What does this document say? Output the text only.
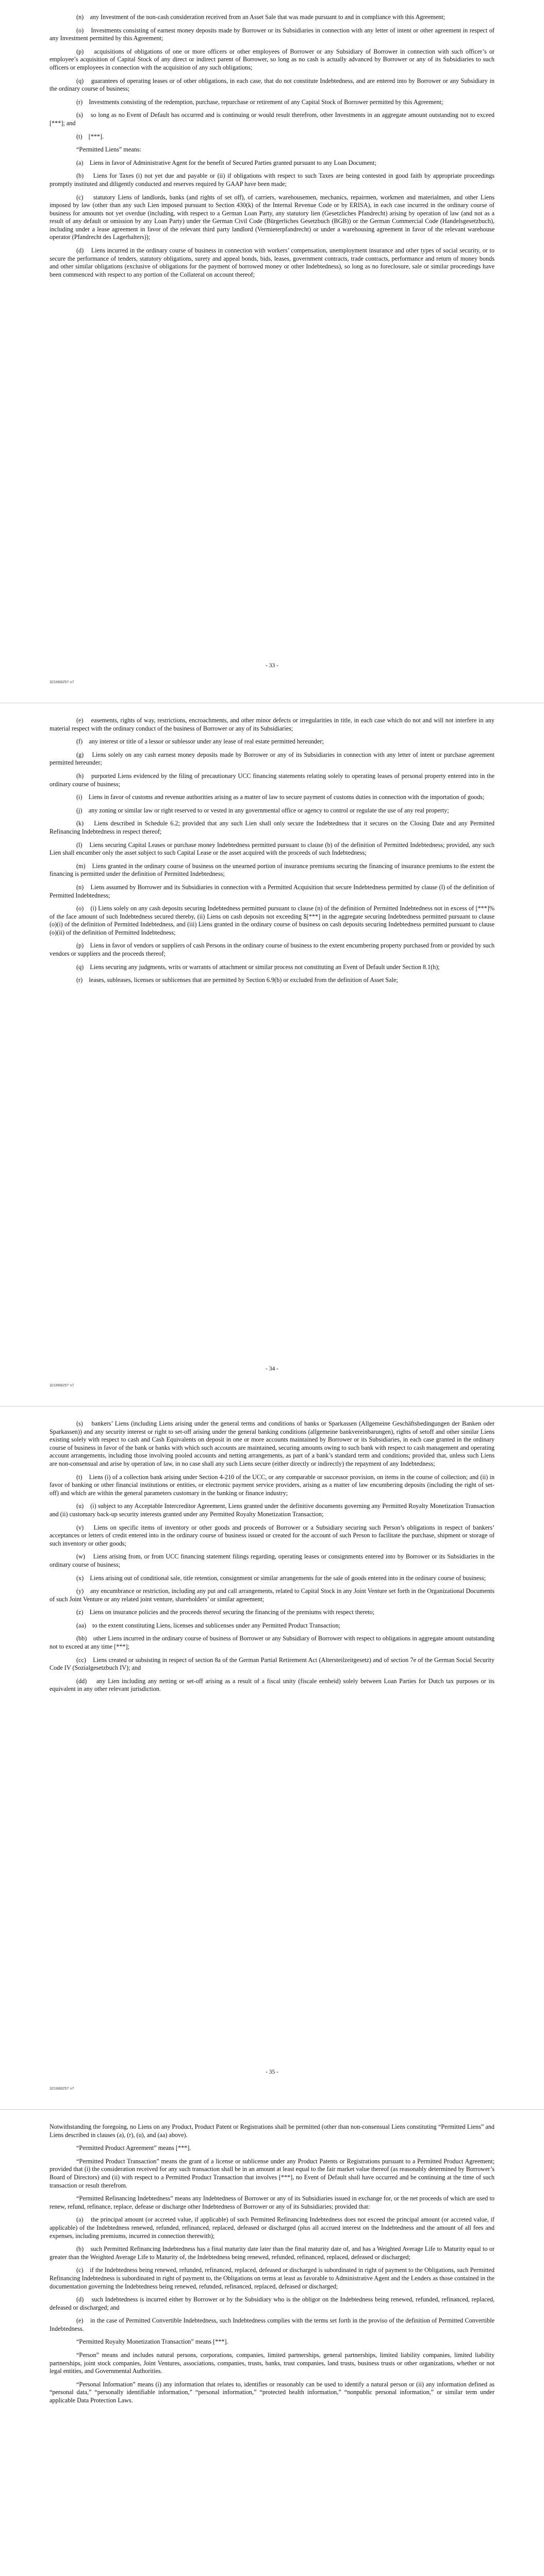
(n)    any Investment of the non-cash consideration received from an Asset Sale that was made pursuant to and in compliance with this Agreement;

(o)    Investments consisting of earnest money deposits made by Borrower or its Subsidiaries in connection with any letter of intent or other agreement in respect of any Investment permitted by this Agreement;

(p)    acquisitions of obligations of one or more officers or other employees of Borrower or any Subsidiary of Borrower in connection with such officer’s or employee’s acquisition of Capital Stock of any direct or indirect parent of Borrower, so long as no cash is actually advanced by Borrower or any of its Subsidiaries to such officers or employees in connection with the acquisition of any such obligations;

(q)    guarantees of operating leases or of other obligations, in each case, that do not constitute Indebtedness, and are entered into by Borrower or any Subsidiary in the ordinary course of business;

(r)    Investments consisting of the redemption, purchase, repurchase or retirement of any Capital Stock of Borrower permitted by this Agreement;

(s)    so long as no Event of Default has occurred and is continuing or would result therefrom, other Investments in an aggregate amount outstanding not to exceed [***]; and

(t)    [***].

“Permitted Liens” means:

(a)    Liens in favor of Administrative Agent for the benefit of Secured Parties granted pursuant to any Loan Document;

(b)    Liens for Taxes (i) not yet due and payable or (ii) if obligations with respect to such Taxes are being contested in good faith by appropriate proceedings promptly instituted and diligently conducted and reserves required by GAAP have been made;

(c)    statutory Liens of landlords, banks (and rights of set off), of carriers, warehousemen, mechanics, repairmen, workmen and materialmen, and other Liens imposed by law (other than any such Lien imposed pursuant to Section 430(k) of the Internal Revenue Code or by ERISA), in each case incurred in the ordinary course of business for amounts not yet overdue (including, with respect to a German Loan Party, any statutory lien (Gesetzliches Pfandrecht) arising by operation of law (and not as a result of any default or omission by any Loan Party) under the German Civil Code (Bürgerliches Gesetzbuch (BGB)) or the German Commercial Code (Handelsgesetzbuch), including under a lease agreement in favor of the relevant third party landlord (Vermieterpfandrecht) or under a warehousing agreement in favor of the relevant warehouse operator (Pfandrecht des Lagerhalters));

(d)    Liens incurred in the ordinary course of business in connection with workers’ compensation, unemployment insurance and other types of social security, or to secure the performance of tenders, statutory obligations, surety and appeal bonds, bids, leases, government contracts, trade contracts, performance and return of money bonds and other similar obligations (exclusive of obligations for the payment of borrowed money or other Indebtedness), so long as no foreclosure, sale or similar proceedings have been commenced with respect to any portion of the Collateral on account thereof;

- 33 -
321668257 v7

(e)    easements, rights of way, restrictions, encroachments, and other minor defects or irregularities in title, in each case which do not and will not interfere in any material respect with the ordinary conduct of the business of Borrower or any of its Subsidiaries;

(f)    any interest or title of a lessor or sublessor under any lease of real estate permitted hereunder;

(g)    Liens solely on any cash earnest money deposits made by Borrower or any of its Subsidiaries in connection with any letter of intent or purchase agreement permitted hereunder;

(h)    purported Liens evidenced by the filing of precautionary UCC financing statements relating solely to operating leases of personal property entered into in the ordinary course of business;

(i)    Liens in favor of customs and revenue authorities arising as a matter of law to secure payment of customs duties in connection with the importation of goods;

(j)    any zoning or similar law or right reserved to or vested in any governmental office or agency to control or regulate the use of any real property;

(k)    Liens described in Schedule 6.2; provided that any such Lien shall only secure the Indebtedness that it secures on the Closing Date and any Permitted Refinancing Indebtedness in respect thereof;

(l)    Liens securing Capital Leases or purchase money Indebtedness permitted pursuant to clause (b) of the definition of Permitted Indebtedness; provided, any such Lien shall encumber only the asset subject to such Capital Lease or the asset acquired with the proceeds of such Indebtedness;

(m)    Liens granted in the ordinary course of business on the unearned portion of insurance premiums securing the financing of insurance premiums to the extent the financing is permitted under the definition of Permitted Indebtedness;

(n)    Liens assumed by Borrower and its Subsidiaries in connection with a Permitted Acquisition that secure Indebtedness permitted by clause (l) of the definition of Permitted Indebtedness;

(o)    (i) Liens solely on any cash deposits securing Indebtedness permitted pursuant to clause (n) of the definition of Permitted Indebtedness not in excess of [***]% of the face amount of such Indebtedness secured thereby, (ii) Liens on cash deposits not exceeding $[***] in the aggregate securing Indebtedness permitted pursuant to clause (o)(i) of the definition of Permitted Indebtedness, and (iii) Liens granted in the ordinary course of business on cash deposits securing Indebtedness permitted pursuant to clause (o)(ii) of the definition of Permitted Indebtedness;

(p)    Liens in favor of vendors or suppliers of cash Persons in the ordinary course of business to the extent encumbering property purchased from or provided by such vendors or suppliers and the proceeds thereof;

(q)    Liens securing any judgments, writs or warrants of attachment or similar process not constituting an Event of Default under Section 8.1(h);

(r)    leases, subleases, licenses or sublicenses that are permitted by Section 6.9(b) or excluded from the definition of Asset Sale;

- 34 -
321668257 v7

(s)    bankers’ Liens (including Liens arising under the general terms and conditions of banks or Sparkassen (Allgemeine Geschäftsbedingungen der Banken oder Sparkassen)) and any security interest or right to set-off arising under the general banking conditions (allgemeine bankvereinbarungen), rights of setoff and other similar Liens existing solely with respect to cash and Cash Equivalents on deposit in one or more accounts maintained by Borrower or its Subsidiaries, in each case granted in the ordinary course of business in favor of the bank or banks with which such accounts are maintained, securing amounts owing to such bank with respect to cash management and operating account arrangements, including those involving pooled accounts and netting arrangements, as part of a bank’s standard term and conditions; provided that, unless such Liens are non-consensual and arise by operation of law, in no case shall any such Liens secure (either directly or indirectly) the repayment of any Indebtedness;

(t)    Liens (i) of a collection bank arising under Section 4-210 of the UCC, or any comparable or successor provision, on items in the course of collection; and (ii) in favor of banking or other financial institutions or entities, or electronic payment service providers, arising as a matter of law encumbering deposits (including the right of set-off) and which are within the general parameters customary in the banking or finance industry;

(u)    (i) subject to any Acceptable Intercreditor Agreement, Liens granted under the definitive documents governing any Permitted Royalty Monetization Transaction and (ii) customary back-up security interests granted under any Permitted Royalty Monetization Transaction;

(v)    Liens on specific items of inventory or other goods and proceeds of Borrower or a Subsidiary securing such Person’s obligations in respect of bankers’ acceptances or letters of credit entered into in the ordinary course of business issued or created for the account of such Person to facilitate the purchase, shipment or storage of such inventory or other goods;

(w)    Liens arising from, or from UCC financing statement filings regarding, operating leases or consignments entered into by Borrower or its Subsidiaries in the ordinary course of business;

(x)    Liens arising out of conditional sale, title retention, consignment or similar arrangements for the sale of goods entered into in the ordinary course of business;

(y)    any encumbrance or restriction, including any put and call arrangements, related to Capital Stock in any Joint Venture set forth in the Organizational Documents of such Joint Venture or any related joint venture, shareholders’ or similar agreement;

(z)    Liens on insurance policies and the proceeds thereof securing the financing of the premiums with respect thereto;

(aa)    to the extent constituting Liens, licenses and sublicenses under any Permitted Product Transaction;

(bb)    other Liens incurred in the ordinary course of business of Borrower or any Subsidiary of Borrower with respect to obligations in aggregate amount outstanding not to exceed at any time [***];

(cc)    Liens created or subsisting in respect of section 8a of the German Partial Retirement Act (Altersteilzeitgesetz) and of section 7e of the German Social Security Code IV (Sozialgesetzbuch IV); and

(dd)    any Lien including any netting or set-off arising as a result of a fiscal unity (fiscale eenheid) solely between Loan Parties for Dutch tax purposes or its equivalent in any other relevant jurisdiction.

- 35 -
321668257 v7

Notwithstanding the foregoing, no Liens on any Product, Product Patent or Registrations shall be permitted (other than non-consensual Liens constituting “Permitted Liens” and Liens described in clauses (a), (r), (u), and (aa) above).

“Permitted Product Agreement” means [***].

“Permitted Product Transaction” means the grant of a license or sublicense under any Product Patents or Registrations pursuant to a Permitted Product Agreement; provided that (i) the consideration received for any such transaction shall be in an amount at least equal to the fair market value thereof (as reasonably determined by Borrower’s Board of Directors) and (ii) with respect to a Permitted Product Transaction that involves [***], no Event of Default shall have occurred and be continuing at the time of such transaction or result therefrom.

“Permitted Refinancing Indebtedness” means any Indebtedness of Borrower or any of its Subsidiaries issued in exchange for, or the net proceeds of which are used to renew, refund, refinance, replace, defease or discharge other Indebtedness of Borrower or any of its Subsidiaries; provided that:

(a)    the principal amount (or accreted value, if applicable) of such Permitted Refinancing Indebtedness does not exceed the principal amount (or accreted value, if applicable) of the Indebtedness renewed, refunded, refinanced, replaced, defeased or discharged (plus all accrued interest on the Indebtedness and the amount of all fees and expenses, including premiums, incurred in connection therewith);

(b)    such Permitted Refinancing Indebtedness has a final maturity date later than the final maturity date of, and has a Weighted Average Life to Maturity equal to or greater than the Weighted Average Life to Maturity of, the Indebtedness being renewed, refunded, refinanced, replaced, defeased or discharged;

(c)    if the Indebtedness being renewed, refunded, refinanced, replaced, defeased or discharged is subordinated in right of payment to the Obligations, such Permitted Refinancing Indebtedness is subordinated in right of payment to, the Obligations on terms at least as favorable to Administrative Agent and the Lenders as those contained in the documentation governing the Indebtedness being renewed, refunded, refinanced, replaced, defeased or discharged;

(d)    such Indebtedness is incurred either by Borrower or by the Subsidiary who is the obligor on the Indebtedness being renewed, refunded, refinanced, replaced, defeased or discharged; and

(e)    in the case of Permitted Convertible Indebtedness, such Indebtedness complies with the terms set forth in the proviso of the definition of Permitted Convertible Indebtedness.

“Permitted Royalty Monetization Transaction” means [***].

“Person” means and includes natural persons, corporations, companies, limited partnerships, general partnerships, limited liability companies, limited liability partnerships, joint stock companies, Joint Ventures, associations, companies, trusts, banks, trust companies, land trusts, business trusts or other organizations, whether or not legal entities, and Governmental Authorities.

“Personal Information” means (i) any information that relates to, identifies or reasonably can be used to identify a natural person or (ii) any information defined as “personal data,” “personally identifiable information,” “personal information,” “protected health information,” “nonpublic personal information,” or similar term under applicable Data Protection Laws.
